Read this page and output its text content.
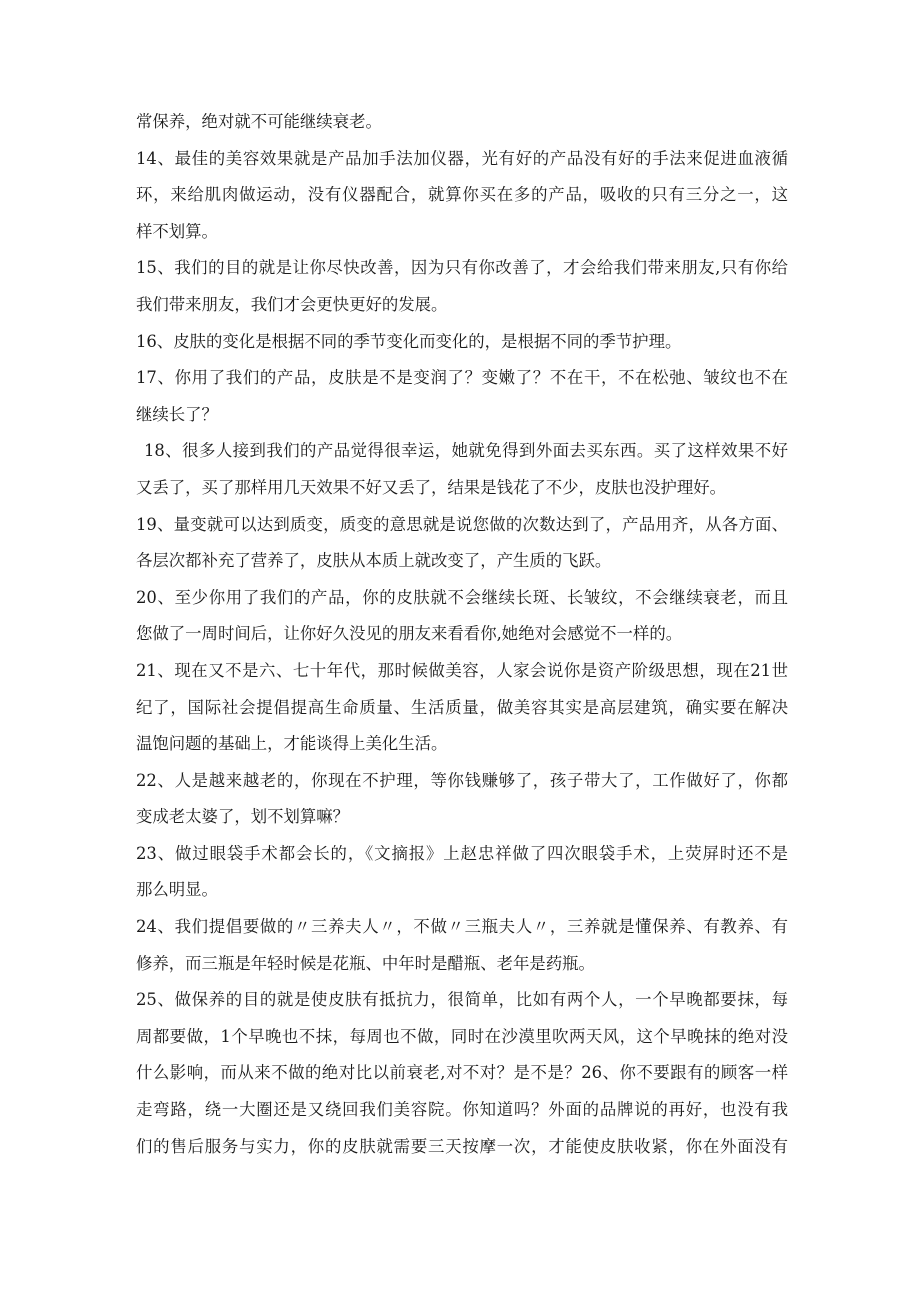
常保养，绝对就不可能继续衰老。
14、最佳的美容效果就是产品加手法加仪器，光有好的产品没有好的手法来促进血液循
环，来给肌肉做运动，没有仪器配合，就算你买在多的产品，吸收的只有三分之一，这
样不划算。
15、我们的目的就是让你尽快改善，因为只有你改善了，才会给我们带来朋友,只有你给
我们带来朋友，我们才会更快更好的发展。
16、皮肤的变化是根据不同的季节变化而变化的，是根据不同的季节护理。
17、你用了我们的产品，皮肤是不是变润了？变嫩了？不在干，不在松弛、皱纹也不在
继续长了？
18、很多人接到我们的产品觉得很幸运，她就免得到外面去买东西。买了这样效果不好
又丢了，买了那样用几天效果不好又丢了，结果是钱花了不少，皮肤也没护理好。
19、量变就可以达到质变，质变的意思就是说您做的次数达到了，产品用齐，从各方面、
各层次都补充了营养了，皮肤从本质上就改变了，产生质的飞跃。
20、至少你用了我们的产品，你的皮肤就不会继续长斑、长皱纹，不会继续衰老，而且
您做了一周时间后，让你好久没见的朋友来看看你,她绝对会感觉不一样的。
21、现在又不是六、七十年代，那时候做美容，人家会说你是资产阶级思想，现在21世
纪了，国际社会提倡提高生命质量、生活质量，做美容其实是高层建筑，确实要在解决
温饱问题的基础上，才能谈得上美化生活。
22、人是越来越老的，你现在不护理，等你钱赚够了，孩子带大了，工作做好了，你都
变成老太婆了，划不划算嘛？
23、做过眼袋手术都会长的，《文摘报》上赵忠祥做了四次眼袋手术，上荧屏时还不是
那么明显。
24、我们提倡要做的〃三养夫人〃，不做〃三瓶夫人〃，三养就是懂保养、有教养、有
修养，而三瓶是年轻时候是花瓶、中年时是醋瓶、老年是药瓶。
25、做保养的目的就是使皮肤有抵抗力，很简单，比如有两个人，一个早晚都要抹，每
周都要做，1个早晚也不抹，每周也不做，同时在沙漠里吹两天风，这个早晚抹的绝对没
什么影响，而从来不做的绝对比以前衰老,对不对？是不是？26、你不要跟有的顾客一样
走弯路，绕一大圈还是又绕回我们美容院。你知道吗？外面的品牌说的再好，也没有我
们的售后服务与实力，你的皮肤就需要三天按摩一次，才能使皮肤收紧，你在外面没有
